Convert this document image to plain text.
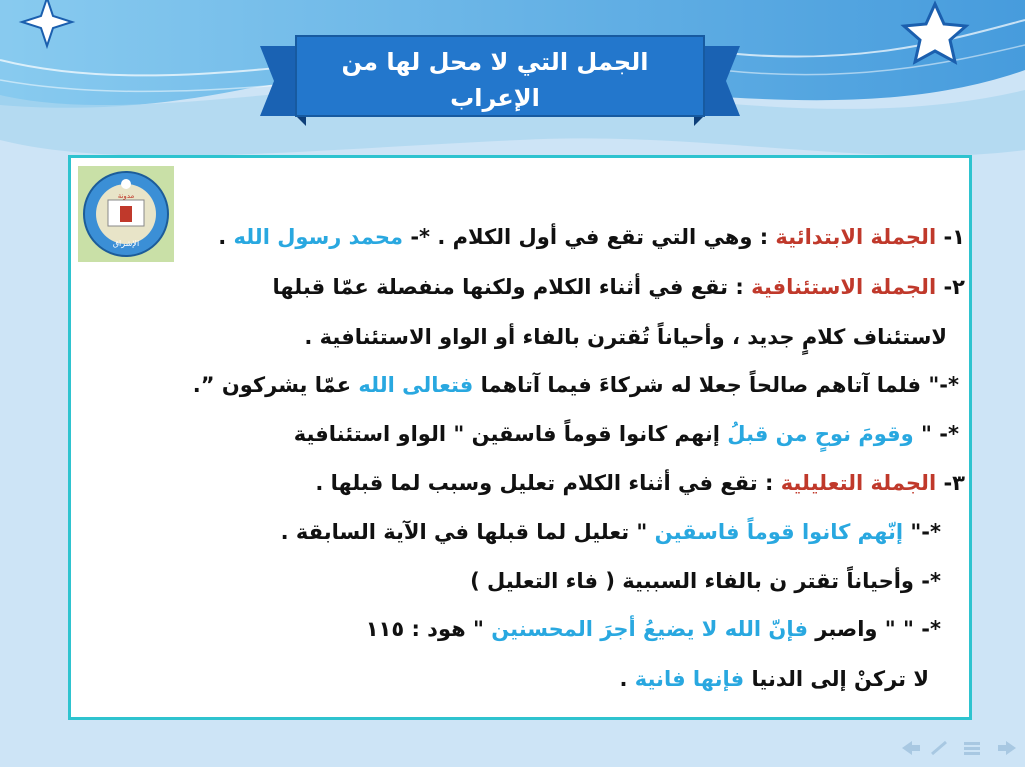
الجمل التي لا محل لها من
الإعراب
مدونة
الإشراق	١- الجملة الابتدائية : وهي التي تقع في أول الكلام . *- محمد رسول الله .
٢- الجملة الاستئنافية : تقع في أثناء الكلام ولكنها منفصلة عمّا قبلها
لاستئناف كلامٍ جديد ، وأحياناً تُقترن بالفاء أو الواو الاستئنافية .
*-" فلما آتاهم صالحاً جعلا له شركاءَ فيما آتاهما فتعالى الله عمّا يشركون ”.
*- " وقومَ نوحٍ من قبلُ إنهم كانوا قوماً فاسقين " الواو استئنافية
٣- الجملة التعليلية : تقع في أثناء الكلام تعليل وسبب لما قبلها .
*-" إنّهم كانوا قوماً فاسقين " تعليل لما قبلها في الآية السابقة .
*- وأحياناً تقتر ن بالفاء السببية ( فاء التعليل )
*- " " واصبر فإنّ الله لا يضيعُ أجرَ المحسنين " هود : ١١٥
لا تركنْ إلى الدنيا فإنها فانية .
